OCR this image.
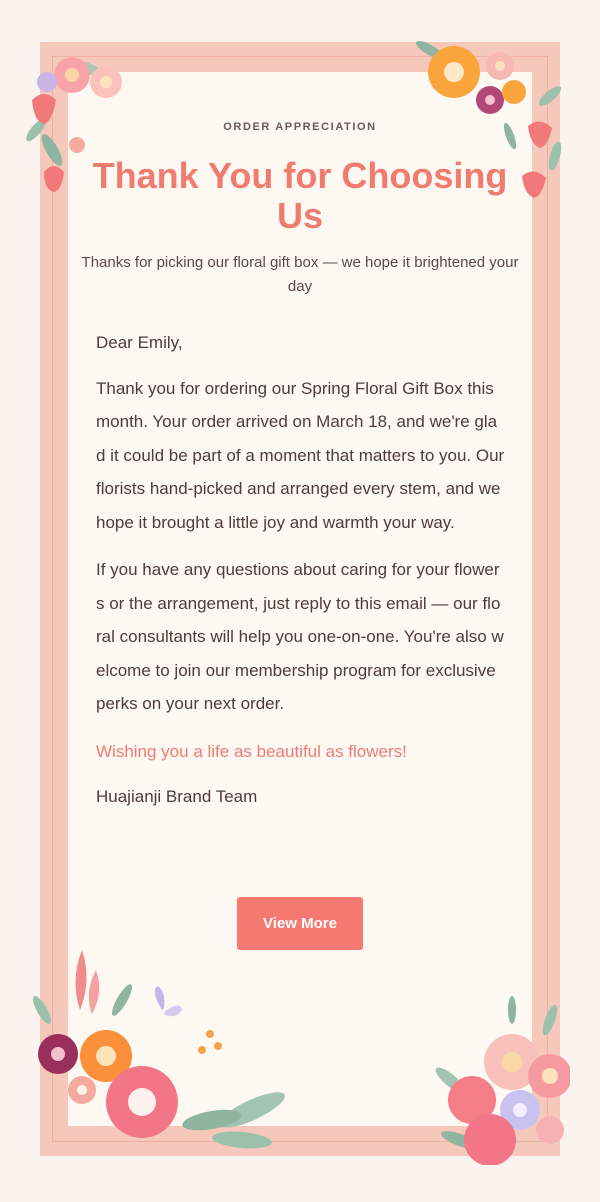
ORDER APPRECIATION
Thank You for Choosing Us
Thanks for picking our floral gift box — we hope it brightened your day

Dear Emily,

Thank you for ordering our Spring Floral Gift Box this month. Your order arrived on March 18, and we're glad it could be part of a moment that matters to you. Our florists hand-picked and arranged every stem, and we hope it brought a little joy and warmth your way.

If you have any questions about caring for your flowers or the arrangement, just reply to this email — our floral consultants will help you one-on-one. You're also welcome to join our membership program for exclusive perks on your next order.

Wishing you a life as beautiful as flowers!

Huajianji Brand Team

View More
